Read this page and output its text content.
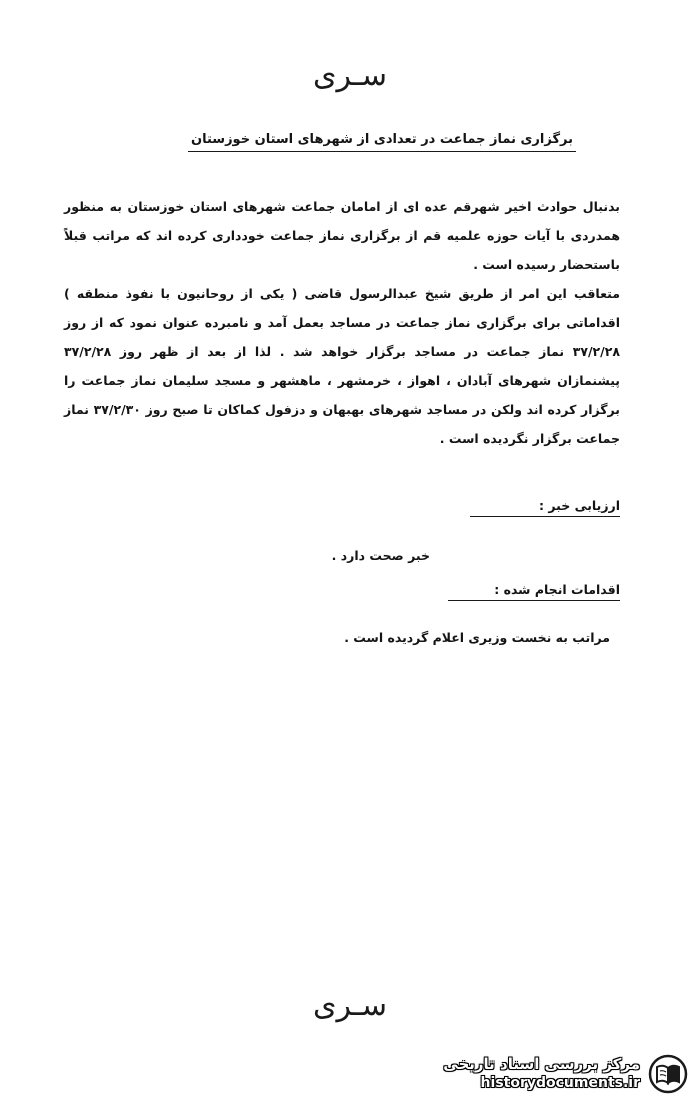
سـری
برگزاری نماز جماعت در تعدادی از شهرهای استان خوزستان

بدنبال حوادث اخیر شهرقم عده ای از امامان جماعت شهرهای استان خوزستان به منظور همدردی با آیات حوزه علمیه قم از برگزاری نماز جماعت خودداری کرده اند که مراتب قبلاً باستحضار رسیده است .

متعاقب این امر از طریق شیخ عبدالرسول قاضی ( یکی از روحانیون با نفوذ منطقه ) اقداماتی برای برگزاری نماز جماعت در مساجد بعمل آمد و نامبرده عنوان نمود که از روز ۳۷/۲/۲۸ نماز جماعت در مساجد برگزار خواهد شد . لذا از بعد از ظهر روز ۳۷/۲/۲۸ پیشنمازان شهرهای آبادان ، اهواز ، خرمشهر ، ماهشهر و مسجد سلیمان نماز جماعت را برگزار کرده اند ولکن در مساجد شهرهای بهبهان و دزفول کماکان تا صبح روز ۳۷/۲/۳۰ نماز جماعت برگزار نگردیده است .

ارزیابی خبر :
خبر صحت دارد .
اقدامات انجام شده :
مراتب به نخست وزیری اعلام گردیده است .
سـری
مرکز بررسی اسناد تاریخی
historydocuments.ir
